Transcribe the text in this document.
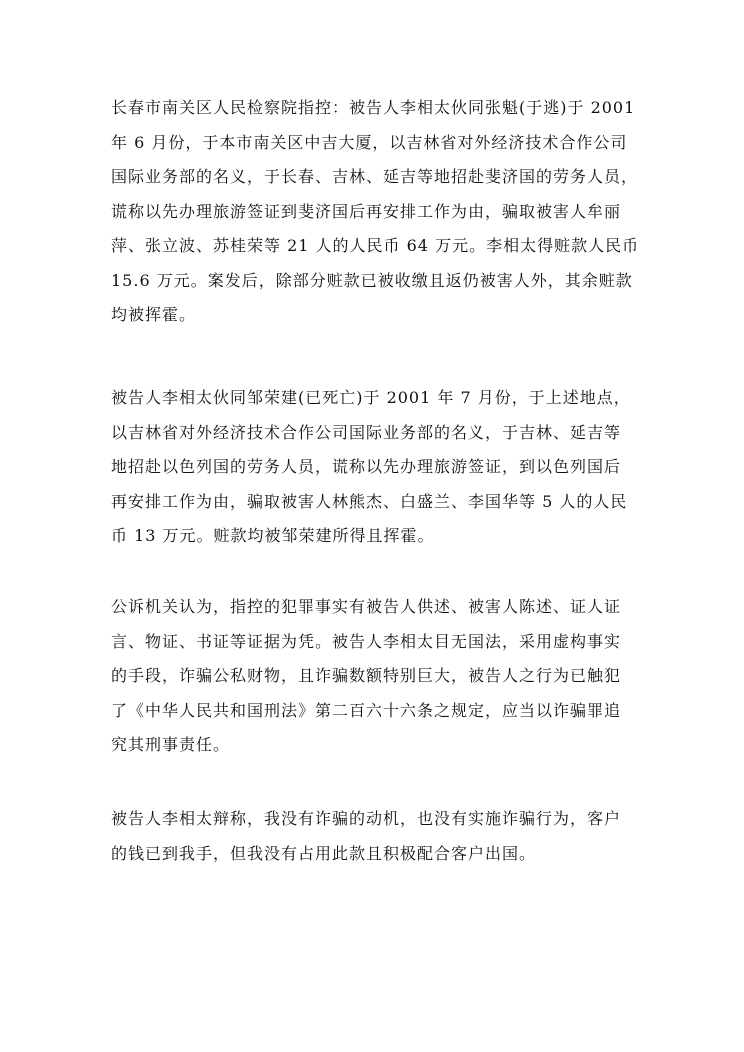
长春市南关区人民检察院指控：被告人李相太伙同张魁(于逃)于 2001
年 6 月份，于本市南关区中吉大厦，以吉林省对外经济技术合作公司
国际业务部的名义，于长春、吉林、延吉等地招赴斐济国的劳务人员，
谎称以先办理旅游签证到斐济国后再安排工作为由，骗取被害人牟丽
萍、张立波、苏桂荣等 21 人的人民币 64 万元。李相太得赃款人民币
15.6 万元。案发后，除部分赃款已被收缴且返仍被害人外，其余赃款
均被挥霍。
被告人李相太伙同邹荣建(已死亡)于 2001 年 7 月份，于上述地点，
以吉林省对外经济技术合作公司国际业务部的名义，于吉林、延吉等
地招赴以色列国的劳务人员，谎称以先办理旅游签证，到以色列国后
再安排工作为由，骗取被害人林熊杰、白盛兰、李国华等 5 人的人民
币 13 万元。赃款均被邹荣建所得且挥霍。
公诉机关认为，指控的犯罪事实有被告人供述、被害人陈述、证人证
言、物证、书证等证据为凭。被告人李相太目无国法，采用虚构事实
的手段，诈骗公私财物，且诈骗数额特别巨大，被告人之行为已触犯
了《中华人民共和国刑法》第二百六十六条之规定，应当以诈骗罪追
究其刑事责任。
被告人李相太辩称，我没有诈骗的动机，也没有实施诈骗行为，客户
的钱已到我手，但我没有占用此款且积极配合客户出国。
